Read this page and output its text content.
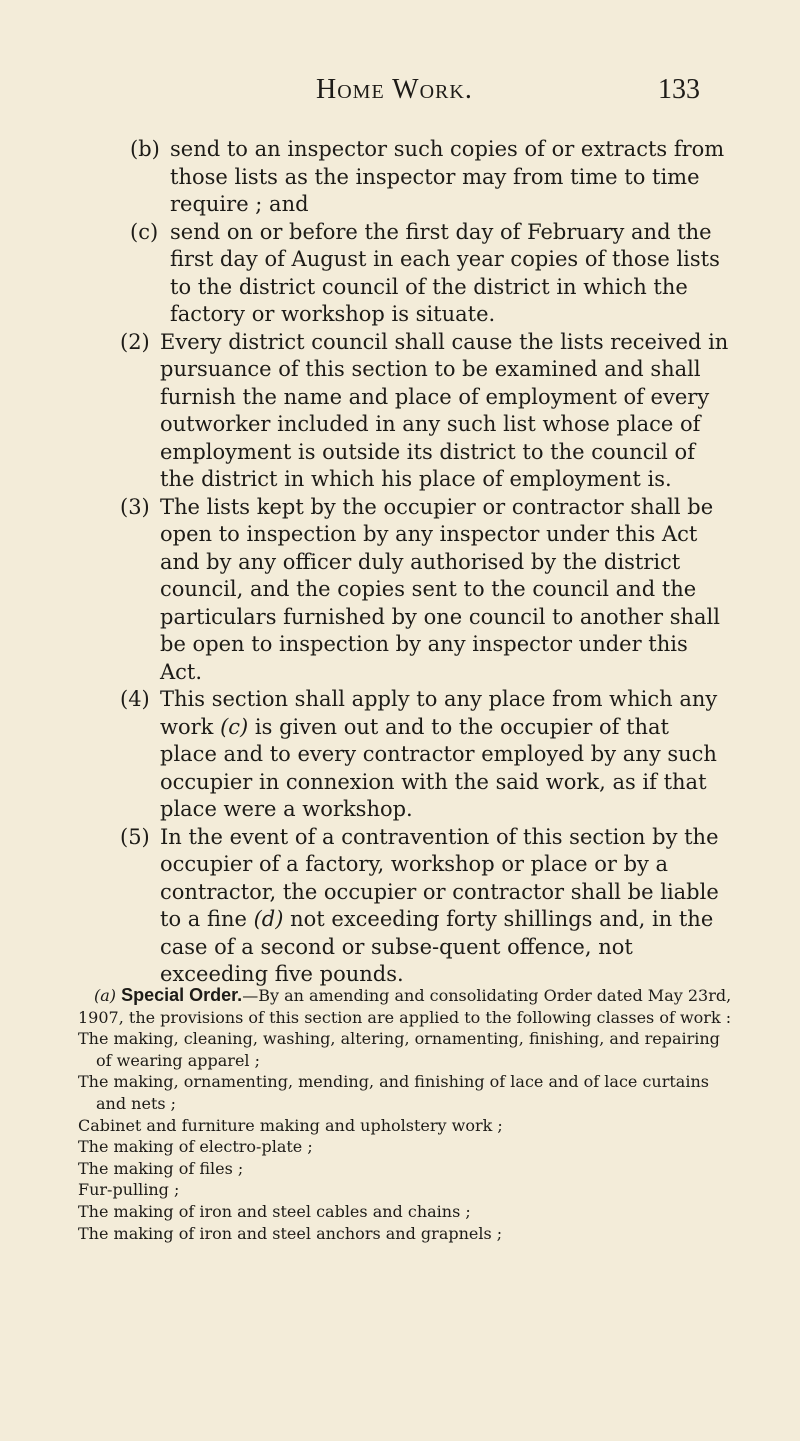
Home Work.	133
(b) send to an inspector such copies of or extracts from those lists as the inspector may from time to time require ; and
(c) send on or before the first day of February and the first day of August in each year copies of those lists to the district council of the district in which the factory or workshop is situate.
(2) Every district council shall cause the lists received in pursuance of this section to be examined and shall furnish the name and place of employment of every outworker included in any such list whose place of employment is outside its district to the council of the district in which his place of employment is.
(3) The lists kept by the occupier or contractor shall be open to inspection by any inspector under this Act and by any officer duly authorised by the district council, and the copies sent to the council and the particulars furnished by one council to another shall be open to inspection by any inspector under this Act.
(4) This section shall apply to any place from which any work (c) is given out and to the occupier of that place and to every contractor employed by any such occupier in connexion with the said work, as if that place were a workshop.
(5) In the event of a contravention of this section by the occupier of a factory, workshop or place or by a contractor, the occupier or contractor shall be liable to a fine (d) not exceeding forty shillings and, in the case of a second or subse-quent offence, not exceeding five pounds.
(a) Special Order.—By an amending and consolidating Order dated May 23rd, 1907, the provisions of this section are applied to the following classes of work :
The making, cleaning, washing, altering, ornamenting, finishing, and repairing of wearing apparel ;
The making, ornamenting, mending, and finishing of lace and of lace curtains and nets ;
Cabinet and furniture making and upholstery work ;
The making of electro-plate ;
The making of files ;
Fur-pulling ;
The making of iron and steel cables and chains ;
The making of iron and steel anchors and grapnels ;
